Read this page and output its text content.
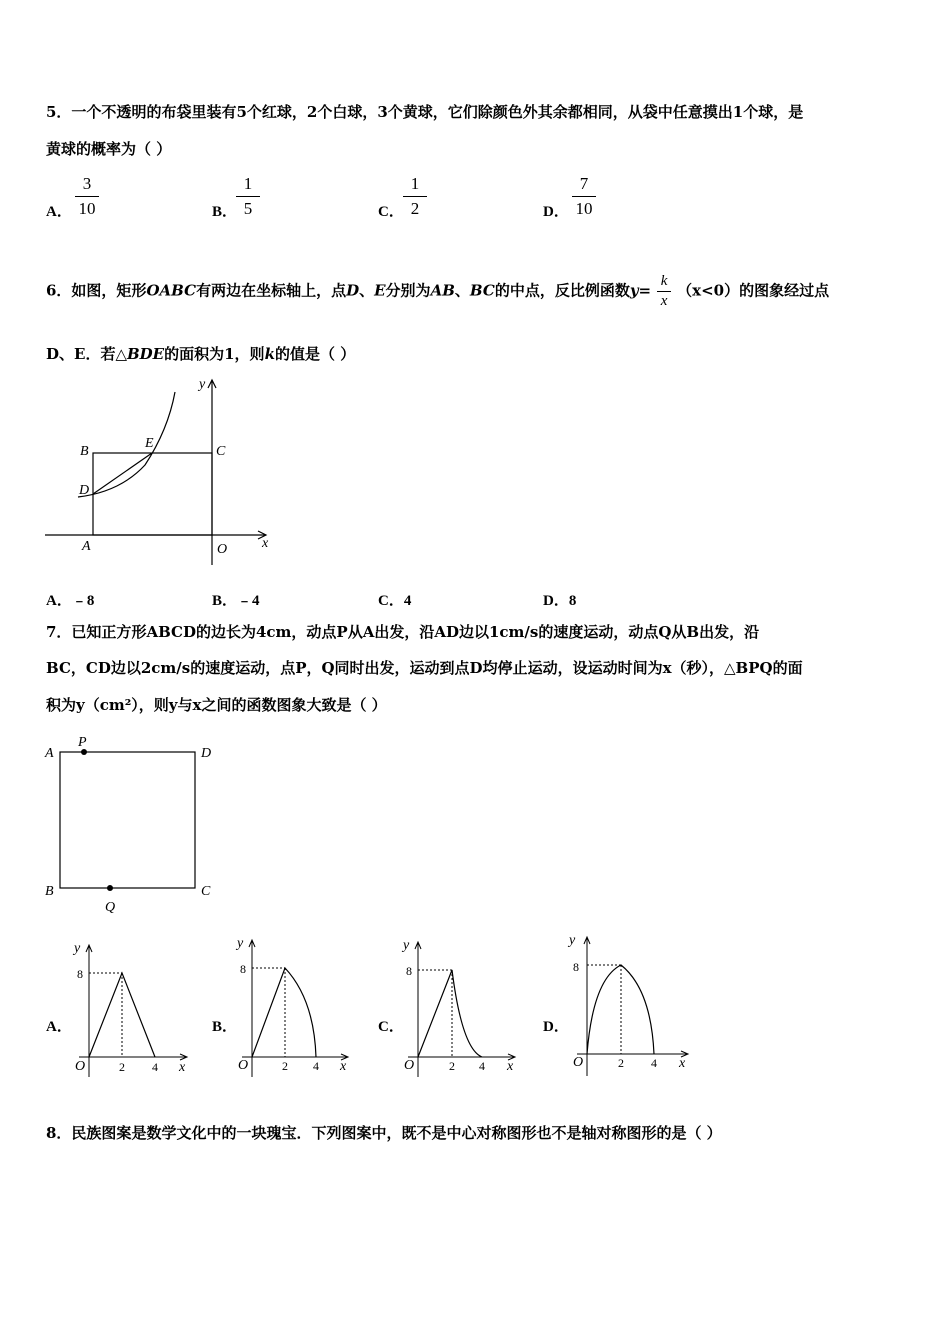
5．一个不透明的布袋里装有5个红球，2个白球，3个黄球，它们除颜色外其余都相同，从袋中任意摸出1个球，是
黄球的概率为（ ）
A． $\frac{3}{10}$	B．
$\frac{1}{5}$	C． $\frac{1}{2}$	D． $\frac{7}{10}$
6．如图，矩形OABC有两边在坐标轴上，点D、E分别为AB、BC的中点，反比例函数$y= \frac{k}{x} (x<0)$的图象经过点
D、E．若△BDE的面积为1，则k的值是（ ）
B
E
C
D
A	O x
y
A．﹣8	B．﹣4	C．4	D．8
7．已知正方形ABCD的边长为4cm，动点P从A出发，沿AD边以1cm/s的速度运动，动点Q从B出发，沿
BC，CD边以2cm/s的速度运动，点P，Q同时出发，运动到点D均停止运动，设运动时间为x（秒），△BPQ的面
积为y（cm²），则y与x之间的函数图象大致是（ ）
A
P
D
B
Q
C
A．	B．	C．	D．
y
8
O	2 4 x
y
8
O	2 4 x
y
8
O	2 4 x
y
8
O	2 4 x
8．民族图案是数学文化中的一块瑰宝．下列图案中，既不是中心对称图形也不是轴对称图形的是（ ）
